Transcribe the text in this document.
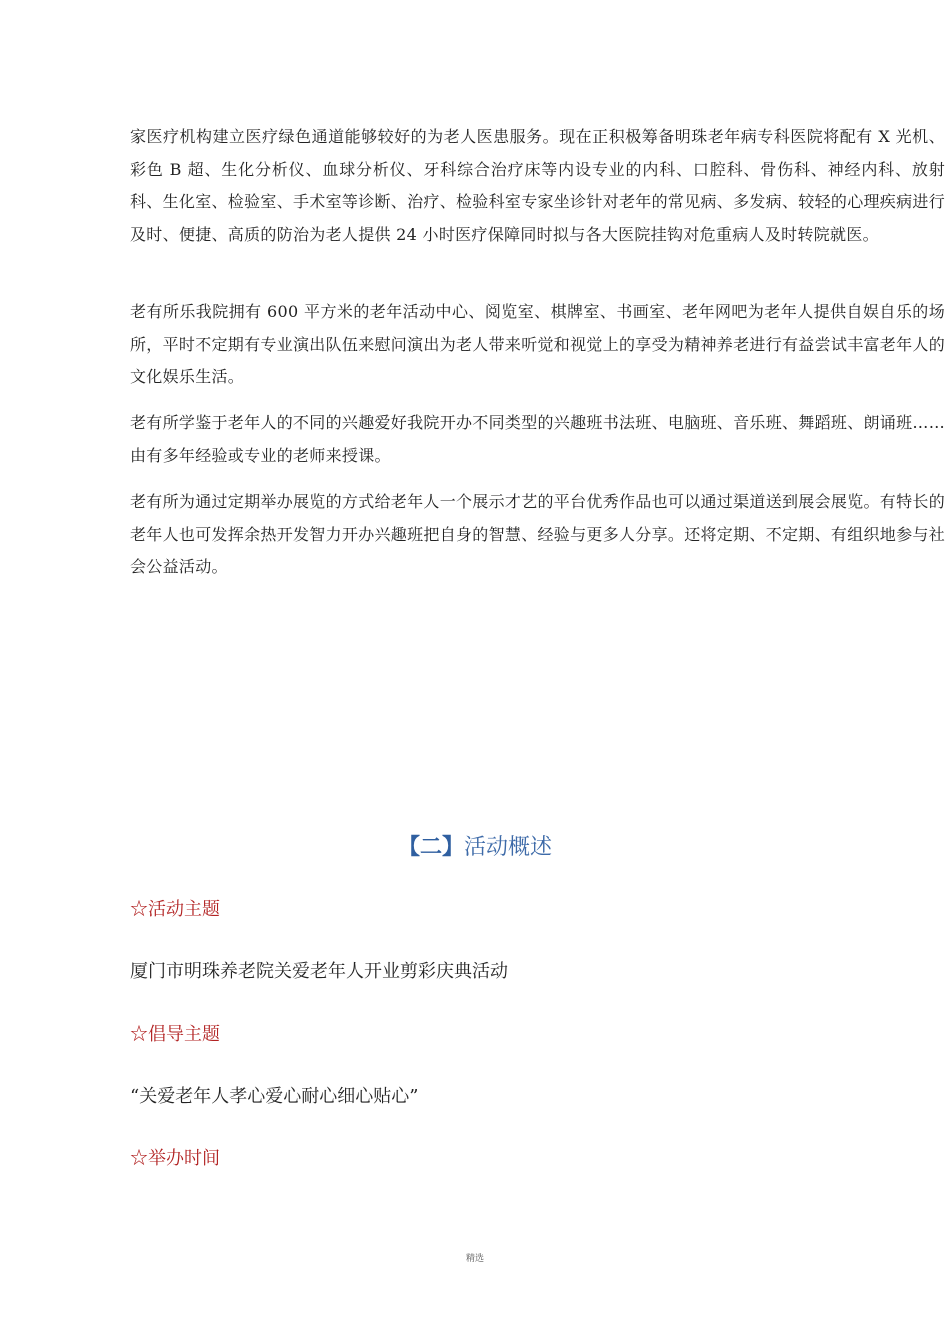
家医疗机构建立医疗绿色通道能够较好的为老人医患服务。现在正积极筹备明珠老年病专科医院将配有 X 光机、彩色 B 超、生化分析仪、血球分析仪、牙科综合治疗床等内设专业的内科、口腔科、骨伤科、神经内科、放射科、生化室、检验室、手术室等诊断、治疗、检验科室专家坐诊针对老年的常见病、多发病、较轻的心理疾病进行及时、便捷、高质的防治为老人提供 24 小时医疗保障同时拟与各大医院挂钩对危重病人及时转院就医。

老有所乐我院拥有 600 平方米的老年活动中心、阅览室、棋牌室、书画室、老年网吧为老年人提供自娱自乐的场所，平时不定期有专业演出队伍来慰问演出为老人带来听觉和视觉上的享受为精神养老进行有益尝试丰富老年人的文化娱乐生活。

老有所学鉴于老年人的不同的兴趣爱好我院开办不同类型的兴趣班书法班、电脑班、音乐班、舞蹈班、朗诵班……由有多年经验或专业的老师来授课。

老有所为通过定期举办展览的方式给老年人一个展示才艺的平台优秀作品也可以通过渠道送到展会展览。有特长的老年人也可发挥余热开发智力开办兴趣班把自身的智慧、经验与更多人分享。还将定期、不定期、有组织地参与社会公益活动。

【二】活动概述

☆活动主题

厦门市明珠养老院关爱老年人开业剪彩庆典活动

☆倡导主题

“关爱老年人孝心爱心耐心细心贴心”

☆举办时间

精选
